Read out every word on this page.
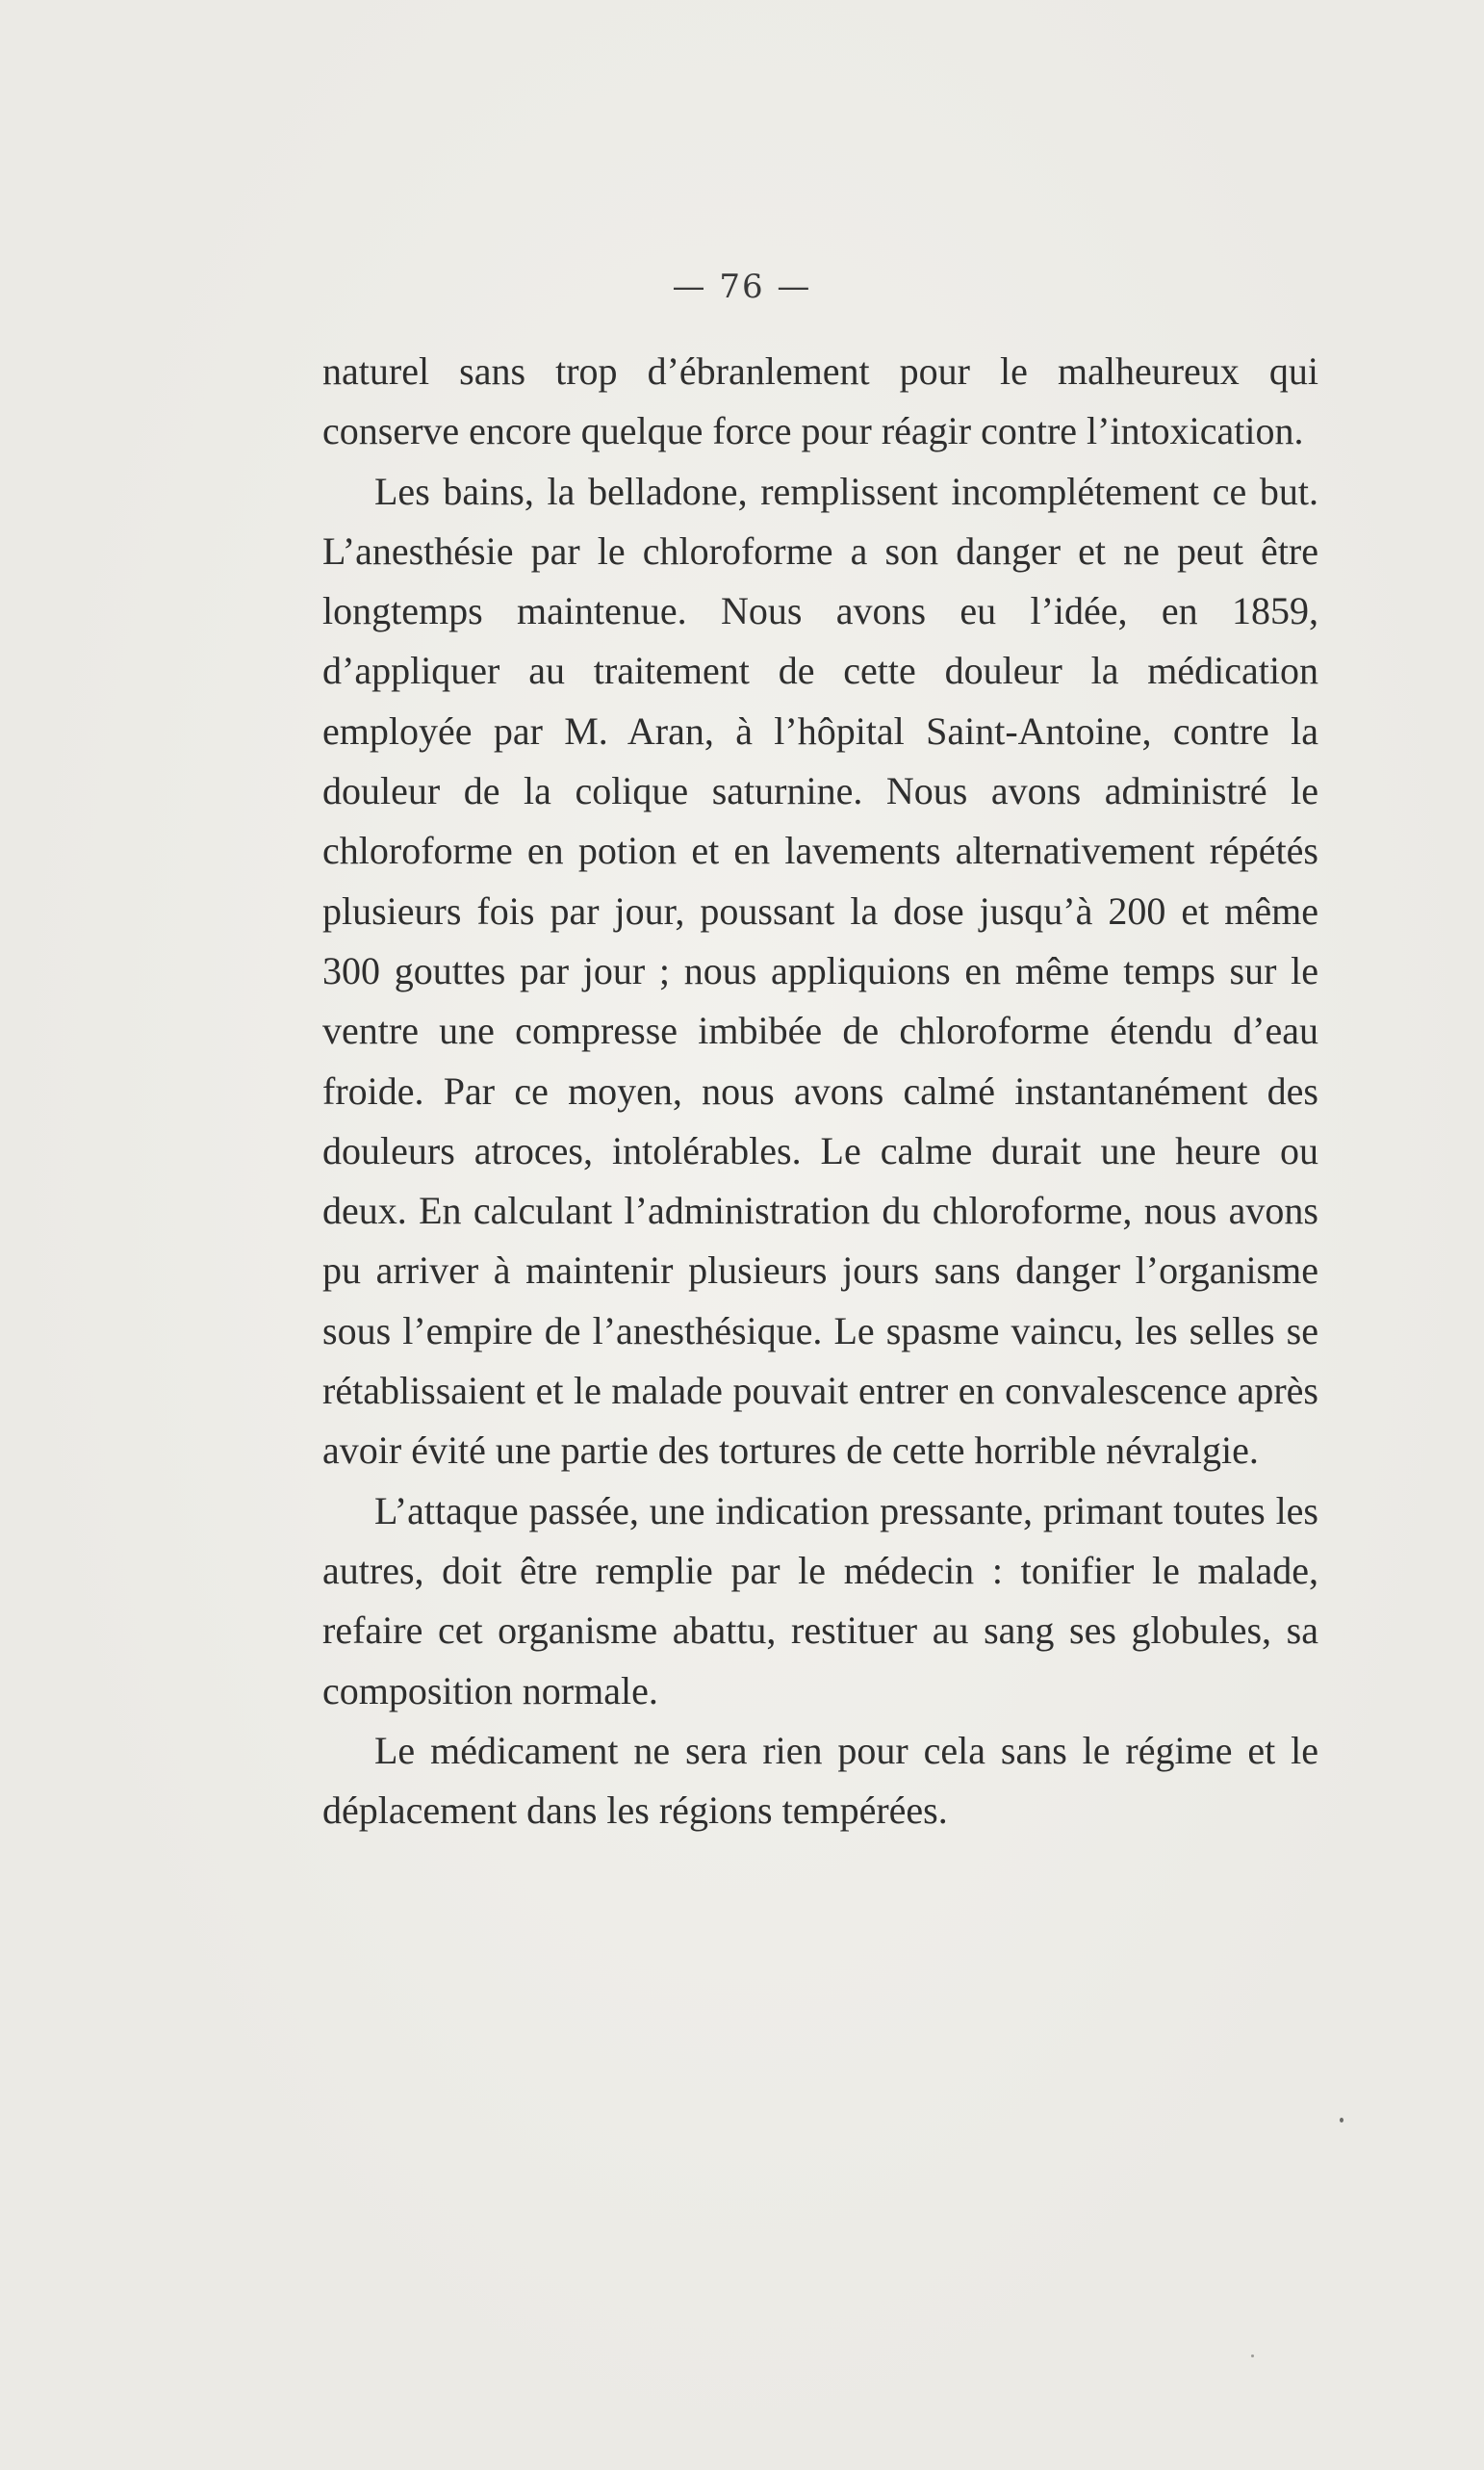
— 76 —

naturel sans trop d’ébranlement pour le malheureux qui conserve encore quelque force pour réagir contre l’intoxication.

Les bains, la belladone, remplissent incomplétement ce but. L’anesthésie par le chloroforme a son danger et ne peut être longtemps maintenue. Nous avons eu l’idée, en 1859, d’appliquer au traitement de cette douleur la médication employée par M. Aran, à l’hôpital Saint-Antoine, contre la douleur de la colique saturnine. Nous avons administré le chloroforme en potion et en lavements alternativement répétés plusieurs fois par jour, poussant la dose jusqu’à 200 et même 300 gouttes par jour ; nous appliquions en même temps sur le ventre une compresse imbibée de chloroforme étendu d’eau froide. Par ce moyen, nous avons calmé instantanément des douleurs atroces, intolérables. Le calme durait une heure ou deux. En calculant l’administration du chloroforme, nous avons pu arriver à maintenir plusieurs jours sans danger l’organisme sous l’empire de l’anesthésique. Le spasme vaincu, les selles se rétablissaient et le malade pouvait entrer en convalescence après avoir évité une partie des tortures de cette horrible névralgie.

L’attaque passée, une indication pressante, primant toutes les autres, doit être remplie par le médecin : tonifier le malade, refaire cet organisme abattu, restituer au sang ses globules, sa composition normale.

Le médicament ne sera rien pour cela sans le régime et le déplacement dans les régions tempérées.
